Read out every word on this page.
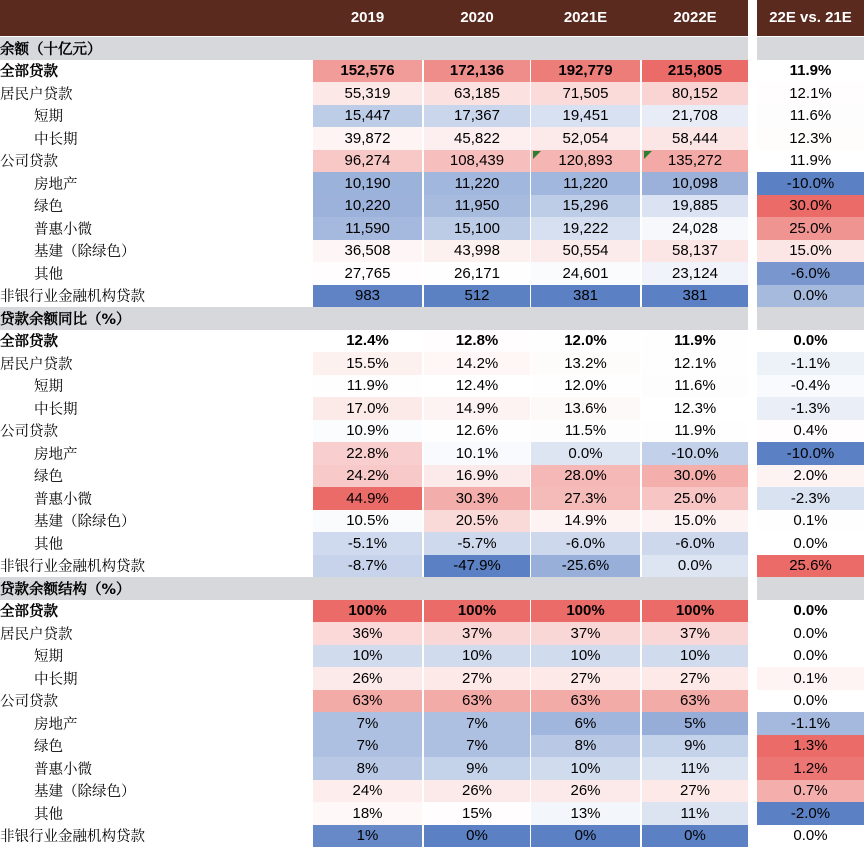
2019	2020	2021E	2022E	22E vs. 21E
余额（十亿元）
全部贷款	152,576	172,136	192,779	215,805	11.9%
居民户贷款	55,319	63,185	71,505	80,152	12.1%
短期	15,447	17,367	19,451	21,708	11.6%
中长期	39,872	45,822	52,054	58,444	12.3%
公司贷款	96,274	108,439	120,893	135,272	11.9%
房地产	10,190	11,220	11,220	10,098	-10.0%
绿色	10,220	11,950	15,296	19,885	30.0%
普惠小微	11,590	15,100	19,222	24,028	25.0%
基建（除绿色）	36,508	43,998	50,554	58,137	15.0%
其他	27,765	26,171	24,601	23,124	-6.0%
非银行业金融机构贷款	983	512	381	381	0.0%
贷款余额同比（%）
全部贷款	12.4%	12.8%	12.0%	11.9%	0.0%
居民户贷款	15.5%	14.2%	13.2%	12.1%	-1.1%
短期	11.9%	12.4%	12.0%	11.6%	-0.4%
中长期	17.0%	14.9%	13.6%	12.3%	-1.3%
公司贷款	10.9%	12.6%	11.5%	11.9%	0.4%
房地产	22.8%	10.1%	0.0%	-10.0%	-10.0%
绿色	24.2%	16.9%	28.0%	30.0%	2.0%
普惠小微	44.9%	30.3%	27.3%	25.0%	-2.3%
基建（除绿色）	10.5%	20.5%	14.9%	15.0%	0.1%
其他	-5.1%	-5.7%	-6.0%	-6.0%	0.0%
非银行业金融机构贷款	-8.7%	-47.9%	-25.6%	0.0%	25.6%
贷款余额结构（%）
全部贷款	100%	100%	100%	100%	0.0%
居民户贷款	36%	37%	37%	37%	0.0%
短期	10%	10%	10%	10%	0.0%
中长期	26%	27%	27%	27%	0.1%
公司贷款	63%	63%	63%	63%	0.0%
房地产	7%	7%	6%	5%	-1.1%
绿色	7%	7%	8%	9%	1.3%
普惠小微	8%	9%	10%	11%	1.2%
基建（除绿色）	24%	26%	26%	27%	0.7%
其他	18%	15%	13%	11%	-2.0%
非银行业金融机构贷款	1%	0%	0%	0%	0.0%
